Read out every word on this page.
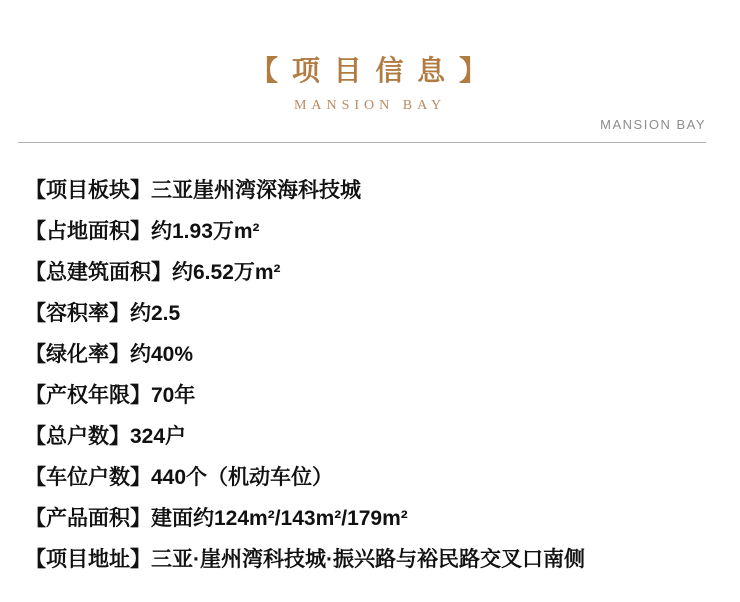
【 项 目 信 息 】
MANSION BAY
MANSION BAY
【项目板块】三亚崖州湾深海科技城
【占地面积】约1.93万m²
【总建筑面积】约6.52万m²
【容积率】约2.5
【绿化率】约40%
【产权年限】70年
【总户数】324户
【车位户数】440个（机动车位）
【产品面积】建面约124m²/143m²/179m²
【项目地址】三亚·崖州湾科技城·振兴路与裕民路交叉口南侧
